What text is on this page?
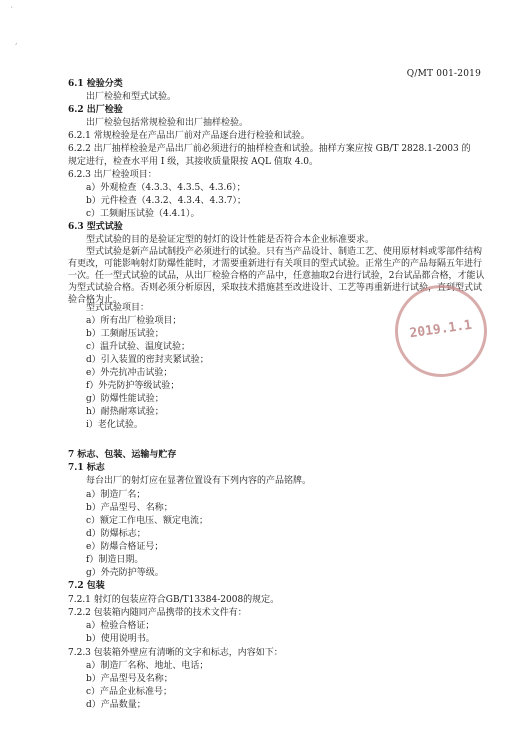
ˋ
¸
Q/MT 001-2019
6.1 检验分类
出厂检验和型式试验。
6.2 出厂检验
出厂检验包括常规检验和出厂抽样检验。
6.2.1 常规检验是在产品出厂前对产品逐台进行检验和试验。
6.2.2 出厂抽样检验是产品出厂前必须进行的抽样检查和试验。抽样方案应按 GB/T 2828.1-2003 的
规定进行，检查水平用 I 级，其接收质量限按 AQL 值取 4.0。
6.2.3 出厂检验项目：
a）外观检查（4.3.3、4.3.5、4.3.6）；
b）元件检查（4.3.2、4.3.4、4.3.7）；
c）工频耐压试验（4.4.1）。
6.3 型式试验
型式试验的目的是验证定型的射灯的设计性能是否符合本企业标准要求。
型式试验是新产品试制投产必须进行的试验。只有当产品设计、制造工艺、使用原材料或零部件结构有更改，可能影响射灯防爆性能时，才需要重新进行有关项目的型式试验。正常生产的产品每隔五年进行一次。任一型式试验的试品，从出厂检验合格的产品中，任意抽取2台进行试验，2台试品都合格，才能认为型式试验合格。否则必须分析原因，采取技术措施甚至改进设计、工艺等再重新进行试验，直到型式试验合格为止。
型式试验项目：
a）所有出厂检验项目；
b）工频耐压试验；
c）温升试验、温度试验；
d）引入装置的密封夹紧试验；
e）外壳抗冲击试验；
f）外壳防护等级试验；
g）防爆性能试验；
h）耐热耐寒试验；
i）老化试验。
7 标志、包装、运输与贮存
7.1 标志
每台出厂的射灯应在显著位置设有下列内容的产品铭牌。
a）制造厂名；
b）产品型号、名称；
c）额定工作电压、额定电流；
d）防爆标志；
e）防爆合格证号；
f）制造日期。
g）外壳防护等级。
7.2 包装
7.2.1 射灯的包装应符合GB/T13384-2008的规定。
7.2.2 包装箱内随同产品携带的技术文件有：
a）检验合格证；
b）使用说明书。
7.2.3 包装箱外壁应有清晰的文字和标志，内容如下：
a）制造厂名称、地址、电话；
b）产品型号及名称；
c）产品企业标准号；
d）产品数量；
2019.1.1
